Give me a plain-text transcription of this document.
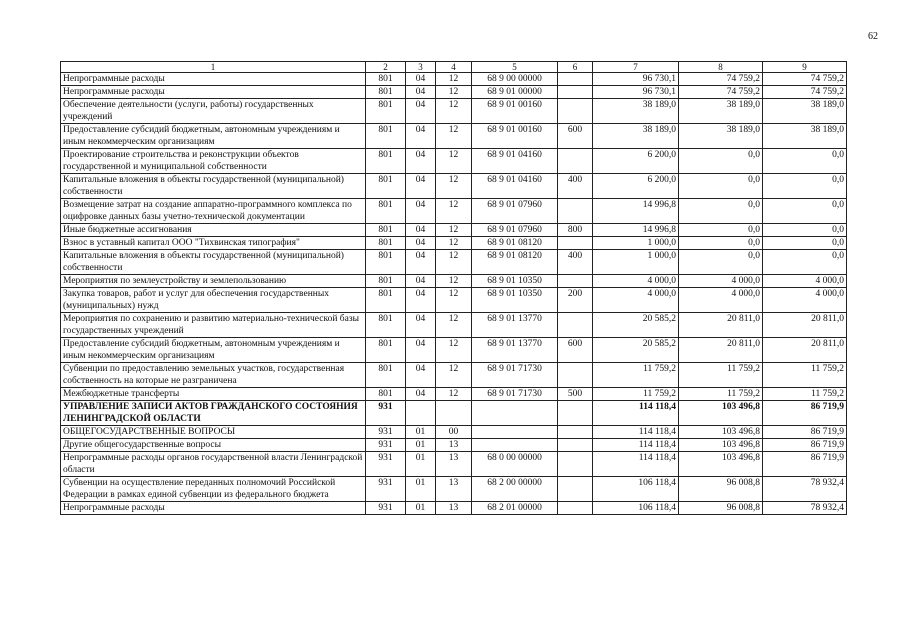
62
1	2	3	4	5	6	7	8	9
Непрограммные расходы	801	04	12	68 9 00 00000		96 730,1	74 759,2	74 759,2
Непрограммные расходы	801	04	12	68 9 01 00000		96 730,1	74 759,2	74 759,2
Обеспечение деятельности (услуги, работы) государственных учреждений	801	04	12	68 9 01 00160		38 189,0	38 189,0	38 189,0
Предоставление субсидий бюджетным, автономным учреждениям и иным некоммерческим организациям	801	04	12	68 9 01 00160	600	38 189,0	38 189,0	38 189,0
Проектирование строительства и реконструкции объектов государственной и муниципальной собственности	801	04	12	68 9 01 04160		6 200,0	0,0	0,0
Капитальные вложения в объекты государственной (муниципальной) собственности	801	04	12	68 9 01 04160	400	6 200,0	0,0	0,0
Возмещение затрат на создание аппаратно-программного комплекса по оцифровке данных базы учетно-технической документации	801	04	12	68 9 01 07960		14 996,8	0,0	0,0
Иные бюджетные ассигнования	801	04	12	68 9 01 07960	800	14 996,8	0,0	0,0
Взнос в уставный капитал ООО "Тихвинская типография"	801	04	12	68 9 01 08120		1 000,0	0,0	0,0
Капитальные вложения в объекты государственной (муниципальной) собственности	801	04	12	68 9 01 08120	400	1 000,0	0,0	0,0
Мероприятия по землеустройству и землепользованию	801	04	12	68 9 01 10350		4 000,0	4 000,0	4 000,0
Закупка товаров, работ и услуг для обеспечения государственных (муниципальных) нужд	801	04	12	68 9 01 10350	200	4 000,0	4 000,0	4 000,0
Мероприятия по сохранению и развитию материально-технической базы государственных учреждений	801	04	12	68 9 01 13770		20 585,2	20 811,0	20 811,0
Предоставление субсидий бюджетным, автономным учреждениям и иным некоммерческим организациям	801	04	12	68 9 01 13770	600	20 585,2	20 811,0	20 811,0
Субвенции по предоставлению земельных участков, государственная собственность на которые не разграничена	801	04	12	68 9 01 71730		11 759,2	11 759,2	11 759,2
Межбюджетные трансферты	801	04	12	68 9 01 71730	500	11 759,2	11 759,2	11 759,2
УПРАВЛЕНИЕ ЗАПИСИ АКТОВ ГРАЖДАНСКОГО СОСТОЯНИЯ ЛЕНИНГРАДСКОЙ ОБЛАСТИ	931					114 118,4	103 496,8	86 719,9
ОБЩЕГОСУДАРСТВЕННЫЕ ВОПРОСЫ	931	01	00			114 118,4	103 496,8	86 719,9
Другие общегосударственные вопросы	931	01	13			114 118,4	103 496,8	86 719,9
Непрограммные расходы органов государственной власти Ленинградской области	931	01	13	68 0 00 00000		114 118,4	103 496,8	86 719,9
Субвенции на осуществление переданных полномочий Российской Федерации в рамках единой субвенции из федерального бюджета	931	01	13	68 2 00 00000		106 118,4	96 008,8	78 932,4
Непрограммные расходы	931	01	13	68 2 01 00000		106 118,4	96 008,8	78 932,4
